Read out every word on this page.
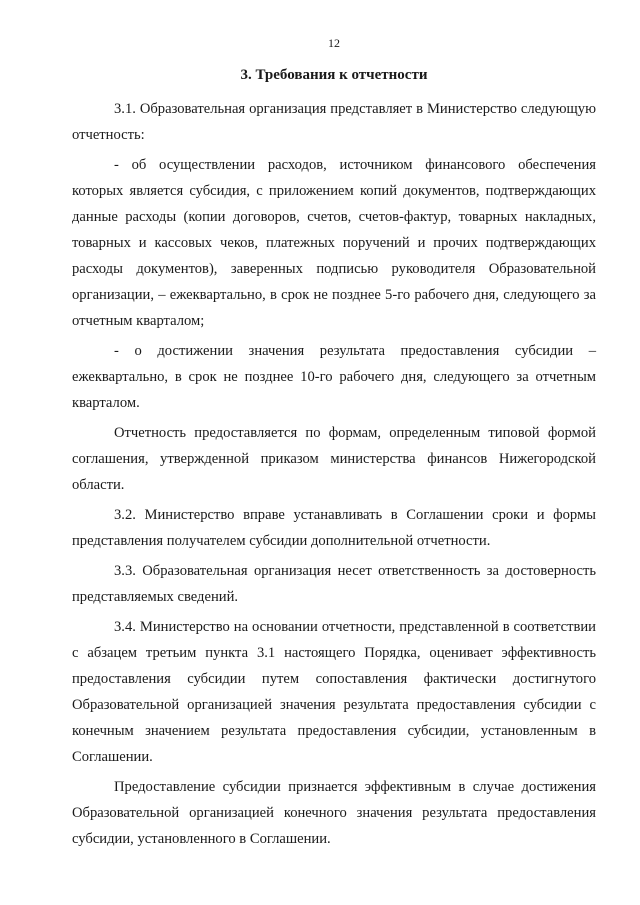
12
3. Требования к отчетности

3.1. Образовательная организация представляет в Министерство следующую отчетность:

- об осуществлении расходов, источником финансового обеспечения которых является субсидия, с приложением копий документов, подтверждающих данные расходы (копии договоров, счетов, счетов-фактур, товарных накладных, товарных и кассовых чеков, платежных поручений и прочих подтверждающих расходы документов), заверенных подписью руководителя Образовательной организации, – ежеквартально, в срок не позднее 5-го рабочего дня, следующего за отчетным кварталом;

- о достижении значения результата предоставления субсидии – ежеквартально, в срок не позднее 10-го рабочего дня, следующего за отчетным кварталом.

Отчетность предоставляется по формам, определенным типовой формой соглашения, утвержденной приказом министерства финансов Нижегородской области.

3.2. Министерство вправе устанавливать в Соглашении сроки и формы представления получателем субсидии дополнительной отчетности.

3.3. Образовательная организация несет ответственность за достоверность представляемых сведений.

3.4. Министерство на основании отчетности, представленной в соответствии с абзацем третьим пункта 3.1 настоящего Порядка, оценивает эффективность предоставления субсидии путем сопоставления фактически достигнутого Образовательной организацией значения результата предоставления субсидии с конечным значением результата предоставления субсидии, установленным в Соглашении.

Предоставление субсидии признается эффективным в случае достижения Образовательной организацией конечного значения результата предоставления субсидии, установленного в Соглашении.
